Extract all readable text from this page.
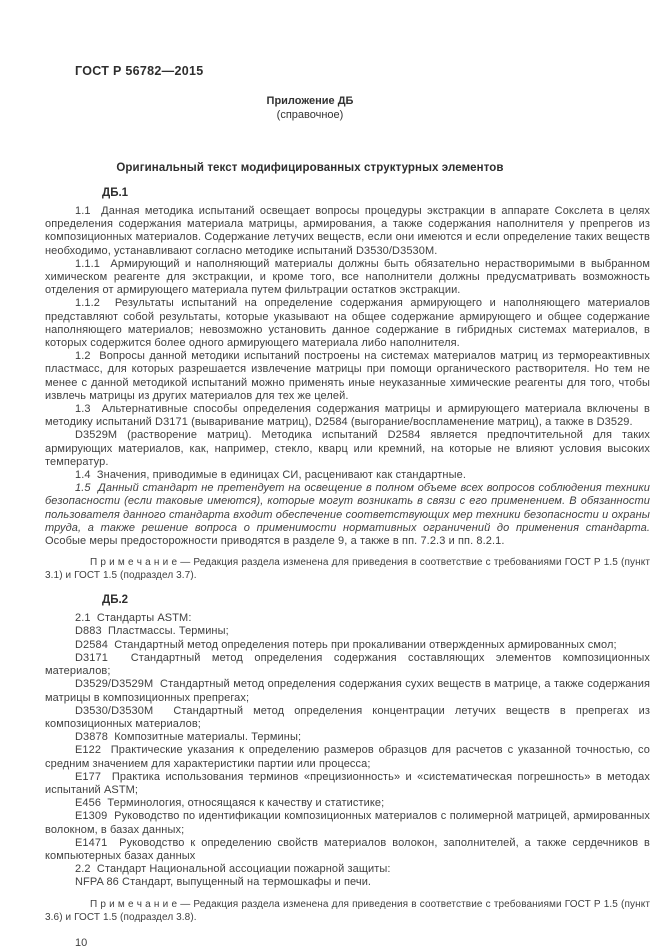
ГОСТ Р 56782—2015
Приложение ДБ
(справочное)
Оригинальный текст модифицированных структурных элементов
ДБ.1

1.1  Данная методика испытаний освещает вопросы процедуры экстракции в аппарате Сокслета в целях определения содержания материала матрицы, армирования, а также содержания наполнителя у препрегов из композиционных материалов. Содержание летучих веществ, если они имеются и если определение таких веществ необходимо, устанавливают согласно методике испытаний D3530/D3530M.

1.1.1  Армирующий и наполняющий материалы должны быть обязательно нерастворимыми в выбранном химическом реагенте для экстракции, и кроме того, все наполнители должны предусматривать возможность отделения от армирующего материала путем фильтрации остатков экстракции.

1.1.2  Результаты испытаний на определение содержания армирующего и наполняющего материалов представляют собой результаты, которые указывают на общее содержание армирующего и общее содержание наполняющего материалов; невозможно установить данное содержание в гибридных системах материалов, в которых содержится более одного армирующего материала либо наполнителя.

1.2  Вопросы данной методики испытаний построены на системах материалов матриц из термореактивных пластмасс, для которых разрешается извлечение матрицы при помощи органического растворителя. Но тем не менее с данной методикой испытаний можно применять иные неуказанные химические реагенты для того, чтобы извлечь матрицы из других материалов для тех же целей.

1.3  Альтернативные способы определения содержания матрицы и армирующего материала включены в методику испытаний D3171 (вываривание матриц), D2584 (выгорание/воспламенение матриц), а также в D3529.

D3529M (растворение матриц). Методика испытаний D2584 является предпочтительной для таких армирующих материалов, как, например, стекло, кварц или кремний, на которые не влияют условия высоких температур.

1.4  Значения, приводимые в единицах СИ, расценивают как стандартные.

1.5  Данный стандарт не претендует на освещение в полном объеме всех вопросов соблюдения техники безопасности (если таковые имеются), которые могут возникать в связи с его применением. В обязанности пользователя данного стандарта входит обеспечение соответствующих мер техники безопасности и охраны труда, а также решение вопроса о применимости нормативных ограничений до применения стандарта. Особые меры предосторожности приводятся в разделе 9, а также в пп. 7.2.3 и пп. 8.2.1.

П р и м е ч а н и е — Редакция раздела изменена для приведения в соответствие с требованиями ГОСТ Р 1.5 (пункт 3.1) и ГОСТ 1.5 (подраздел 3.7).

ДБ.2

2.1  Стандарты ASTM:

D883  Пластмассы. Термины;

D2584  Стандартный метод определения потерь при прокаливании отвержденных армированных смол;

D3171  Стандартный метод определения содержания составляющих элементов композиционных материалов;

D3529/D3529M  Стандартный метод определения содержания сухих веществ в матрице, а также содержания матрицы в композиционных препрегах;

D3530/D3530M  Стандартный метод определения концентрации летучих веществ в препрегах из композиционных материалов;

D3878  Композитные материалы. Термины;

E122  Практические указания к определению размеров образцов для расчетов с указанной точностью, со средним значением для характеристики партии или процесса;

E177  Практика использования терминов «прецизионность» и «систематическая погрешность» в методах испытаний ASTM;

E456  Терминология, относящаяся к качеству и статистике;

E1309  Руководство по идентификации композиционных материалов с полимерной матрицей, армированных волокном, в базах данных;

E1471  Руководство к определению свойств материалов волокон, заполнителей, а также сердечников в компьютерных базах данных

2.2  Стандарт Национальной ассоциации пожарной защиты:

NFPA 86 Стандарт, выпущенный на термошкафы и печи.

П р и м е ч а н и е — Редакция раздела изменена для приведения в соответствие с требованиями ГОСТ Р 1.5 (пункт 3.6) и ГОСТ 1.5 (подраздел 3.8).

10
